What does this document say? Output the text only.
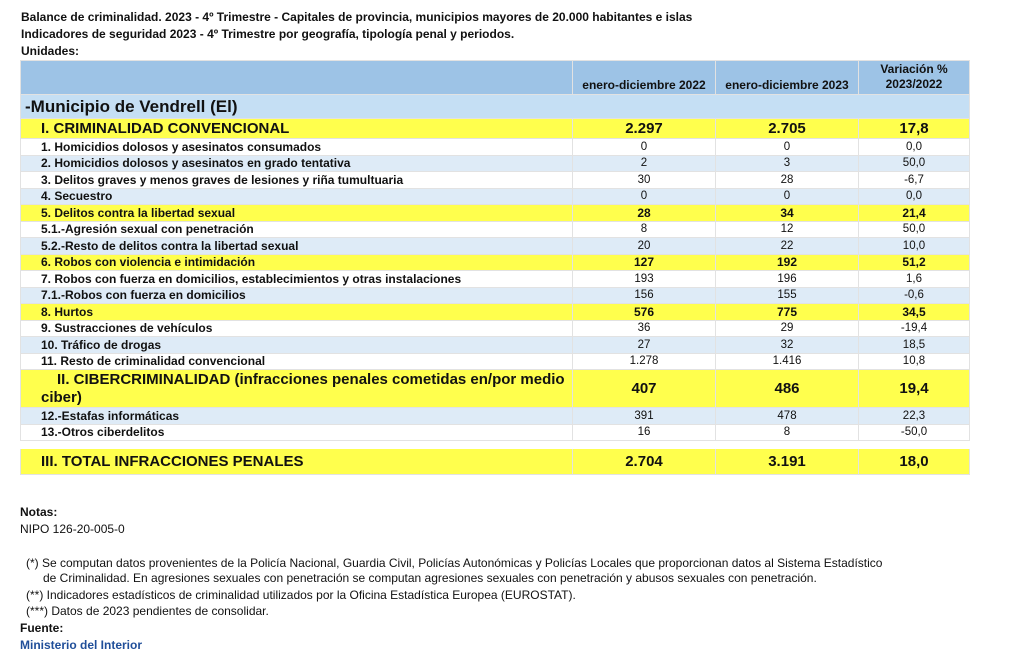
Balance de criminalidad. 2023 - 4º Trimestre - Capitales de provincia, municipios mayores de 20.000 habitantes e islas
Indicadores de seguridad 2023 - 4º Trimestre por geografía, tipología penal y periodos.
Unidades:
	enero-diciembre 2022	enero-diciembre 2023	Variación %
2023/2022

-Municipio de Vendrell (El)			
I. CRIMINALIDAD CONVENCIONAL	2.297	2.705	17,8
1. Homicidios dolosos y asesinatos consumados	0	0	0,0
2. Homicidios dolosos y asesinatos en grado tentativa	2	3	50,0
3. Delitos graves y menos graves de lesiones y riña tumultuaria	30	28	-6,7
4. Secuestro	0	0	0,0
5. Delitos contra la libertad sexual	28	34	21,4
5.1.-Agresión sexual con penetración	8	12	50,0
5.2.-Resto de delitos contra la libertad sexual	20	22	10,0
6. Robos con violencia e intimidación	127	192	51,2
7. Robos con fuerza en domicilios, establecimientos y otras instalaciones	193	196	1,6
7.1.-Robos con fuerza en domicilios	156	155	-0,6
8. Hurtos	576	775	34,5
9. Sustracciones de vehículos	36	29	-19,4
10. Tráfico de drogas	27	32	18,5
11. Resto de criminalidad convencional	1.278	1.416	10,8
II. CIBERCRIMINALIDAD (infracciones penales cometidas en/por medio ciber)	407	486	19,4
12.-Estafas informáticas	391	478	22,3
13.-Otros ciberdelitos	16	8	-50,0

III. TOTAL INFRACCIONES PENALES	2.704	3.191	18,0
Notas:
NIPO 126-20-005-0
(*) Se computan datos provenientes de la Policía Nacional, Guardia Civil, Policías Autonómicas y Policías Locales que proporcionan datos al Sistema Estadístico
de Criminalidad. En agresiones sexuales con penetración se computan agresiones sexuales con penetración y abusos sexuales con penetración.
(**) Indicadores estadísticos de criminalidad utilizados por la Oficina Estadística Europea (EUROSTAT).
(***) Datos de 2023 pendientes de consolidar.
Fuente:
Ministerio del Interior
